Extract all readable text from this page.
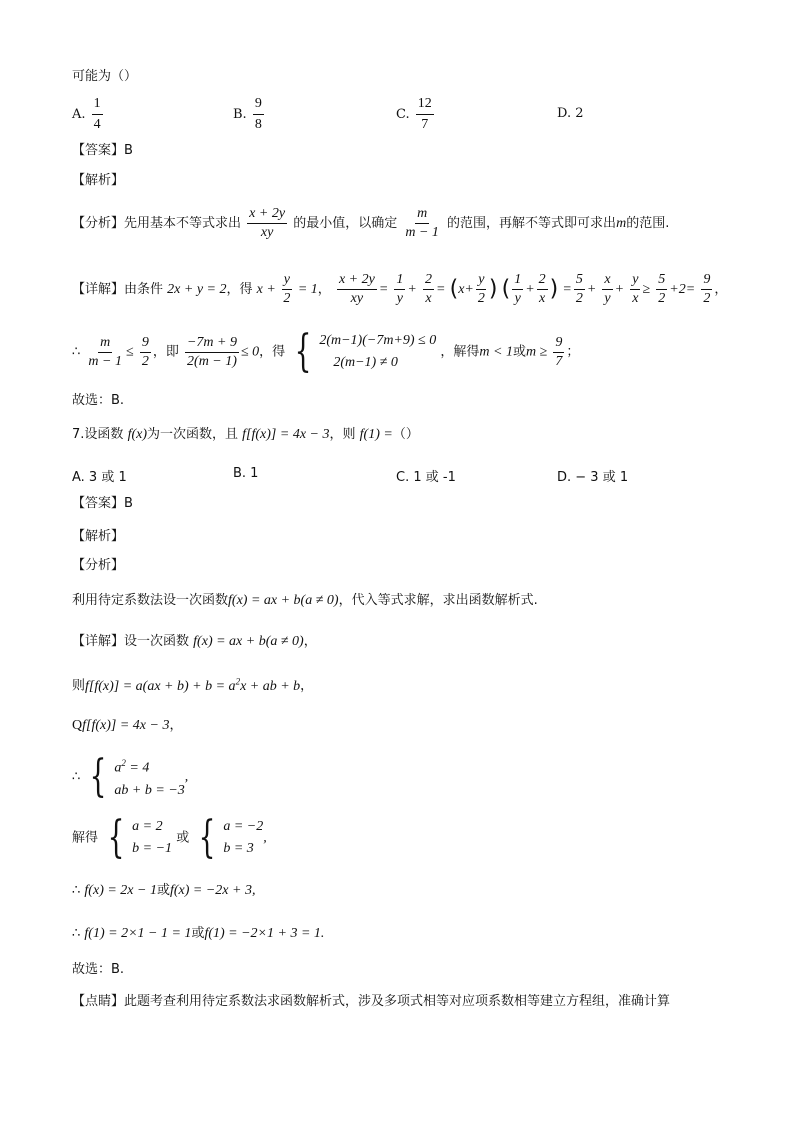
可能为（）
A. $\frac{1}{4}$	B. $\frac{9}{8}$	C. $\frac{12}{7}$	D. 2
【答案】B
【解析】
【分析】先用基本不等式求出 $\frac{x + 2y}{xy}$ 的最小值，以确定 $\frac{m}{m - 1}$ 的范围，再解不等式即可求出m的范围.
【详解】由条件 2x + y = 2，得 $x + \frac{y}{2} = 1$， $\frac{x + 2y}{xy} = \frac{1}{y} + \frac{2}{x} = (x+ \frac{y}{2}$ ) ( $\frac{1}{y} + \frac{2}{x}$ ) = $\frac{5}{2} + \frac{x}{y} + \frac{y}{x} \ge \frac{5}{2} +2= \frac{9}{2}$ ，
∴ $\frac{m}{m - 1} \le \frac{9}{2}$ ，即 $\frac{-7m + 9}{2(m - 1)} \le 0$，得 { 2(m−1)(−7m+9) ≤ 0
2(m−1) ≠ 0
，解得m < 1或$m \ge \frac{9}{7}$ ；
故选：B.
7.设函数 f(x)为一次函数，且 f[f(x)] = 4x − 3，则 f(1) =（）
A. 3 或 1	B. 1	C. 1 或 -1	D. − 3 或 1
【答案】B
【解析】
【分析】
利用待定系数法设一次函数f(x) = ax + b(a ≠ 0)，代入等式求解，求出函数解析式.
【详解】设一次函数 f(x) = ax + b(a ≠ 0)，
则$f[f(x)] = a(ax + b) + b = a^2x$ + ab + b，
Qf[f(x)] = 4x − 3，
∴ { $a^2 = 4$
ab + b = −3
,
解得 { a = 2
b = −1
或 { a = −2
b = 3
,
∴ f(x) = 2x − 1或f(x) = −2x + 3,
∴ f(1) = 2×1 − 1 = 1或f(1) = −2×1 + 3 = 1.
故选：B.
【点睛】此题考查利用待定系数法求函数解析式，涉及多项式相等对应项系数相等建立方程组，准确计算
